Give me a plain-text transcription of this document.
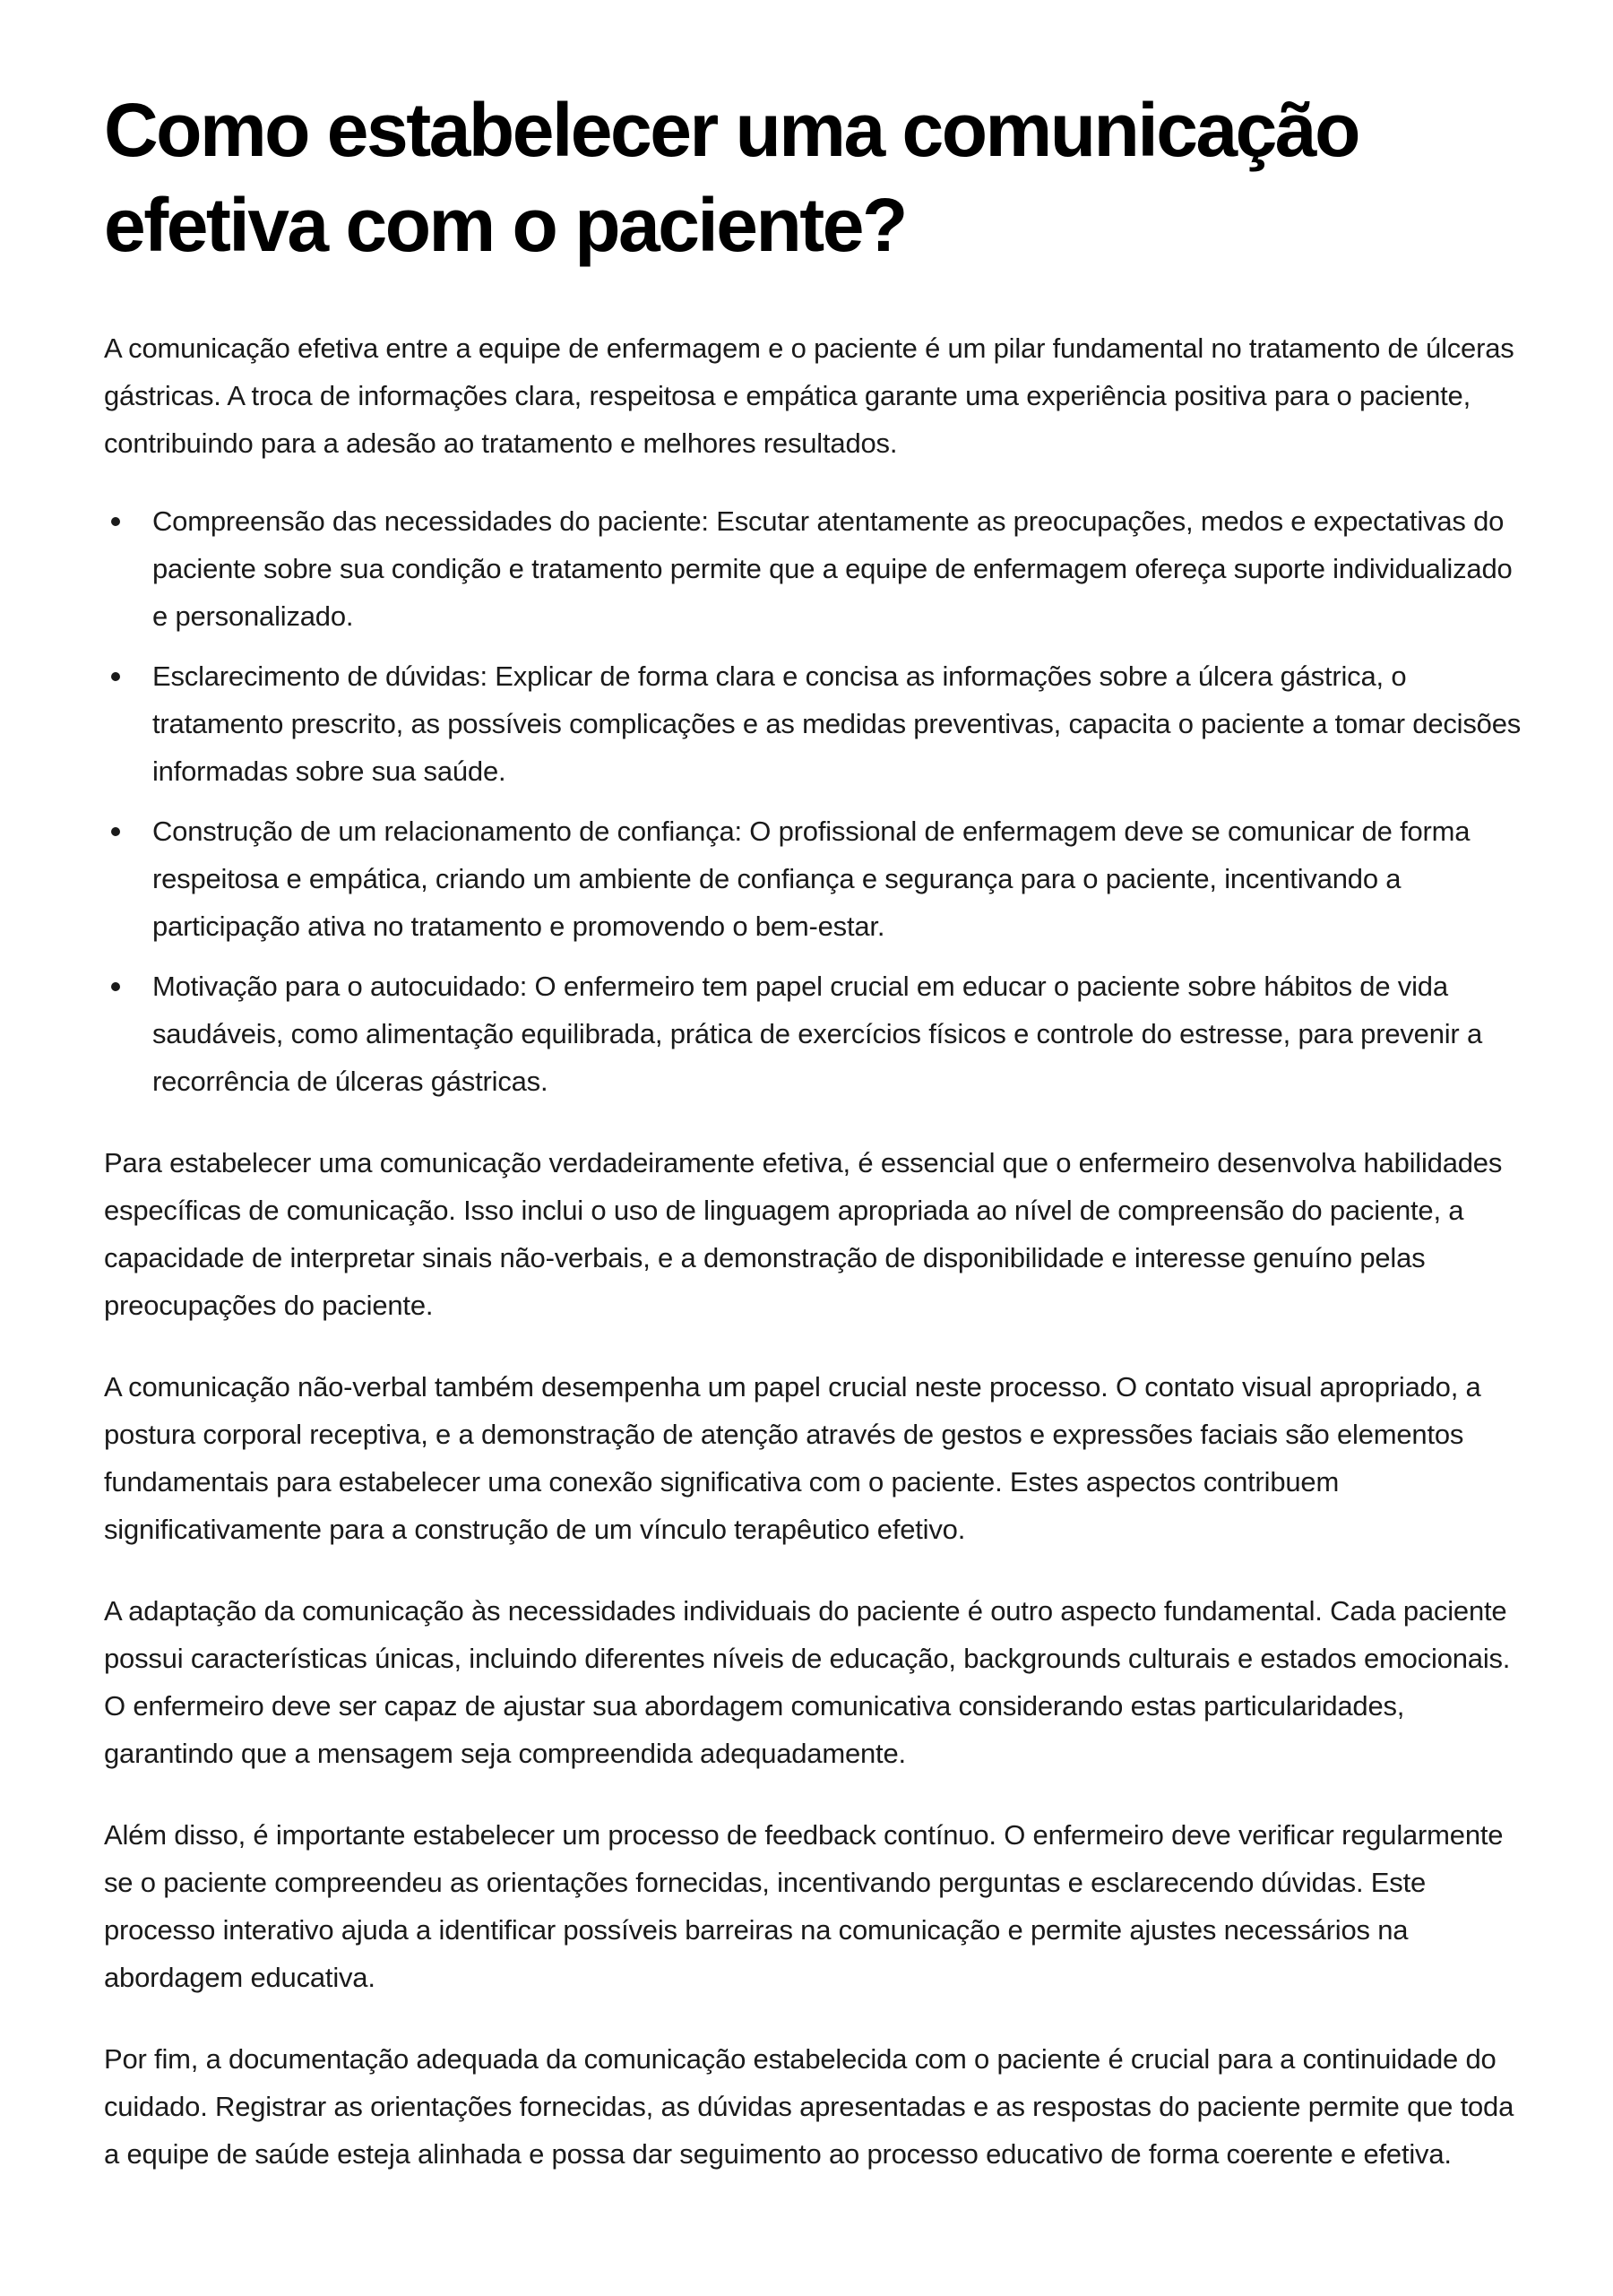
Como estabelecer uma comunicação efetiva com o paciente?

A comunicação efetiva entre a equipe de enfermagem e o paciente é um pilar fundamental no tratamento de úlceras gástricas. A troca de informações clara, respeitosa e empática garante uma experiência positiva para o paciente, contribuindo para a adesão ao tratamento e melhores resultados.

Compreensão das necessidades do paciente: Escutar atentamente as preocupações, medos e expectativas do paciente sobre sua condição e tratamento permite que a equipe de enfermagem ofereça suporte individualizado e personalizado.
Esclarecimento de dúvidas: Explicar de forma clara e concisa as informações sobre a úlcera gástrica, o tratamento prescrito, as possíveis complicações e as medidas preventivas, capacita o paciente a tomar decisões informadas sobre sua saúde.
Construção de um relacionamento de confiança: O profissional de enfermagem deve se comunicar de forma respeitosa e empática, criando um ambiente de confiança e segurança para o paciente, incentivando a participação ativa no tratamento e promovendo o bem-estar.
Motivação para o autocuidado: O enfermeiro tem papel crucial em educar o paciente sobre hábitos de vida saudáveis, como alimentação equilibrada, prática de exercícios físicos e controle do estresse, para prevenir a recorrência de úlceras gástricas.

Para estabelecer uma comunicação verdadeiramente efetiva, é essencial que o enfermeiro desenvolva habilidades específicas de comunicação. Isso inclui o uso de linguagem apropriada ao nível de compreensão do paciente, a capacidade de interpretar sinais não-verbais, e a demonstração de disponibilidade e interesse genuíno pelas preocupações do paciente.

A comunicação não-verbal também desempenha um papel crucial neste processo. O contato visual apropriado, a postura corporal receptiva, e a demonstração de atenção através de gestos e expressões faciais são elementos fundamentais para estabelecer uma conexão significativa com o paciente. Estes aspectos contribuem significativamente para a construção de um vínculo terapêutico efetivo.

A adaptação da comunicação às necessidades individuais do paciente é outro aspecto fundamental. Cada paciente possui características únicas, incluindo diferentes níveis de educação, backgrounds culturais e estados emocionais. O enfermeiro deve ser capaz de ajustar sua abordagem comunicativa considerando estas particularidades, garantindo que a mensagem seja compreendida adequadamente.

Além disso, é importante estabelecer um processo de feedback contínuo. O enfermeiro deve verificar regularmente se o paciente compreendeu as orientações fornecidas, incentivando perguntas e esclarecendo dúvidas. Este processo interativo ajuda a identificar possíveis barreiras na comunicação e permite ajustes necessários na abordagem educativa.

Por fim, a documentação adequada da comunicação estabelecida com o paciente é crucial para a continuidade do cuidado. Registrar as orientações fornecidas, as dúvidas apresentadas e as respostas do paciente permite que toda a equipe de saúde esteja alinhada e possa dar seguimento ao processo educativo de forma coerente e efetiva.
